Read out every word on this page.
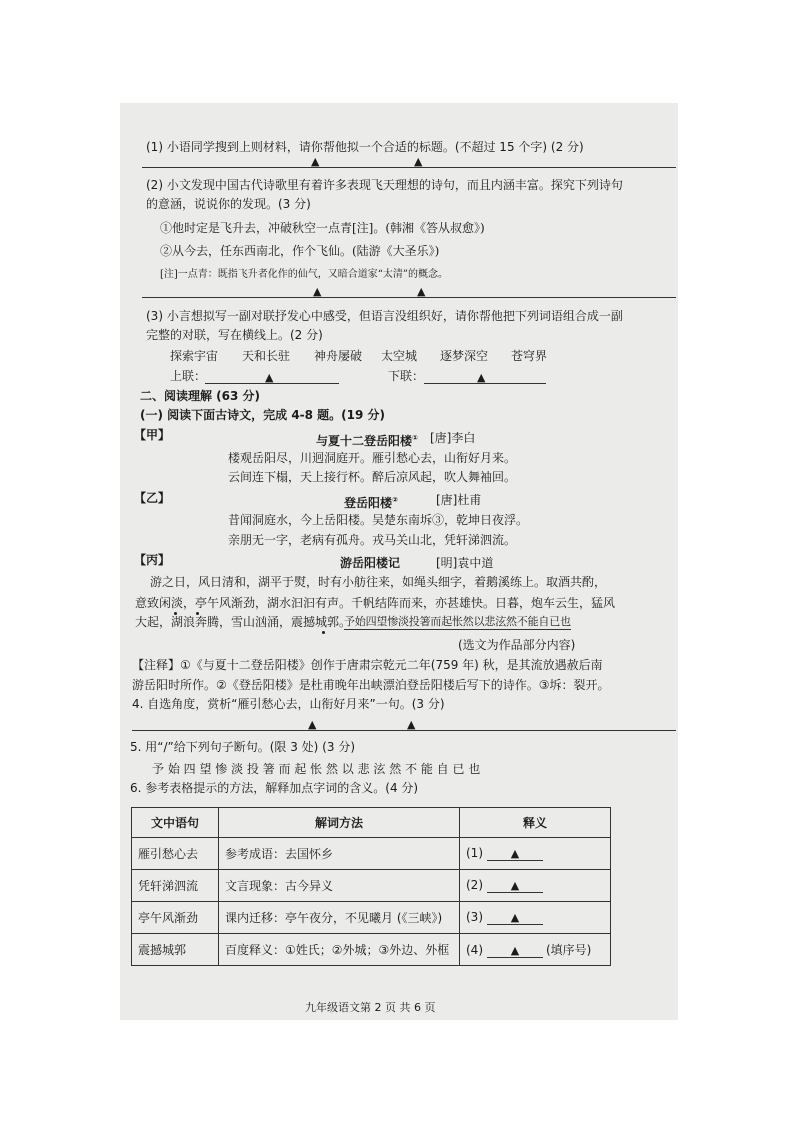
(1) 小语同学搜到上则材料，请你帮他拟一个合适的标题。(不超过 15 个字) (2 分)
▲	▲
(2) 小文发现中国古代诗歌里有着许多表现飞天理想的诗句，而且内涵丰富。探究下列诗句
的意涵，说说你的发现。(3 分)
①他时定是飞升去，冲破秋空一点青[注]。(韩湘《答从叔愈》)
②从今去，任东西南北，作个飞仙。(陆游《大圣乐》)
[注]一点青：既指飞升者化作的仙气，又暗合道家“太清”的概念。
▲	▲
(3) 小言想拟写一副对联抒发心中感受，但语言没组织好，请你帮他把下列词语组合成一副
完整的对联，写在横线上。(2 分)
探索宇宙 天和长驻 神舟屡破 太空城 逐梦深空 苍穹界
上联：	▲	下联：	▲
二、阅读理解 (63 分)
(一) 阅读下面古诗文，完成 4-8 题。(19 分)
【甲】	与夏十二登岳阳楼① [唐]李白
楼观岳阳尽，川迥洞庭开。雁引愁心去，山衔好月来。
云间连下榻，天上接行杯。醉后凉风起，吹人舞袖回。
【乙】	登岳阳楼②	[唐]杜甫
昔闻洞庭水，今上岳阳楼。吴楚东南坼③，乾坤日夜浮。
亲朋无一字，老病有孤舟。戎马关山北，凭轩涕泗流。
【丙】	游岳阳楼记	[明]袁中道
游之日，风日清和，湖平于熨，时有小舫往来，如绳头细字，着鹅溪练上。取酒共酌，
意致闲淡，亭午风渐劲，湖水汩汩有声。千帆结阵而来，亦甚雄快。日暮，炮车云生，猛风
大起，湖浪奔腾，雪山汹涌，震撼城郭。
予始四望惨淡投箸而起怅然以悲泫然不能自已也
(选文为作品部分内容)
【注释】①《与夏十二登岳阳楼》创作于唐肃宗乾元二年(759 年) 秋，是其流放遇赦后南
游岳阳时所作。②《登岳阳楼》是杜甫晚年出峡漂泊登岳阳楼后写下的诗作。③坼：裂开。
4. 自选角度，赏析“雁引愁心去，山衔好月来”一句。(3 分)
▲	▲
5. 用“/”给下列句子断句。(限 3 处) (3 分)
予 始 四 望 惨 淡 投 箸 而 起 怅 然 以 悲 泫 然 不 能 自 已 也
6. 参考表格提示的方法，解释加点字词的含义。(4 分)
文中语句	解词方法	释义
雁引愁心去	参考成语：去国怀乡	(1) ▲
凭轩涕泗流	文言现象：古今异义	(2) ▲
亭午风渐劲	课内迁移：亭午夜分，不见曦月 (《三峡》)	(3) ▲
震撼城郭	百度释义：①姓氏；②外城；③外边、外框	(4) ▲ (填序号)
九年级语文第 2 页 共 6 页
